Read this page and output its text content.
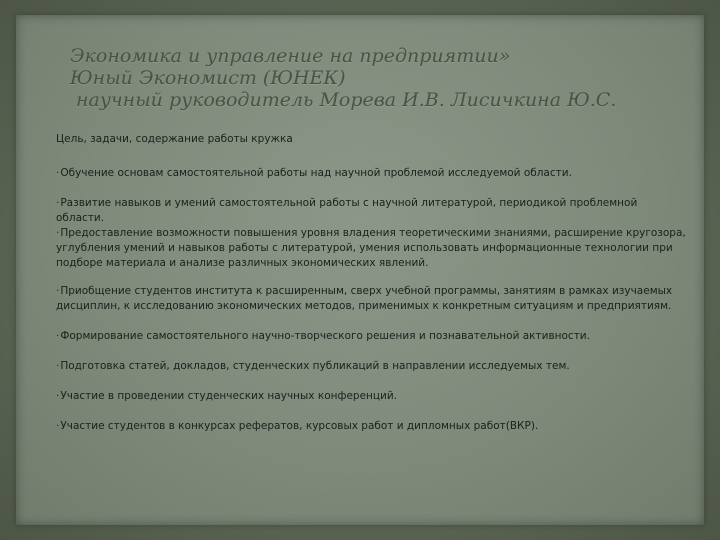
Экономика и управление на предприятии»
Юный Экономист (ЮНЕК)
научный руководитель Морева И.В. Лисичкина Ю.С.
Цель, задачи, содержание работы кружка
·Обучение основам самостоятельной работы над научной проблемой исследуемой области.
·Развитие навыков и умений самостоятельной работы с научной литературой, периодикой проблемной области.
·Предоставление возможности повышения уровня владения теоретическими знаниями, расширение кругозора, углубления умений и навыков работы с литературой, умения использовать информационные технологии при подборе материала и анализе различных экономических явлений.
·Приобщение студентов института к расширенным, сверх учебной программы, занятиям в рамках изучаемых дисциплин, к исследованию экономических методов, применимых к конкретным ситуациям и предприятиям.
·Формирование самостоятельного научно-творческого решения и познавательной активности.
·Подготовка статей, докладов, студенческих публикаций в направлении исследуемых тем.
·Участие в проведении студенческих научных конференций.
·Участие студентов в конкурсах рефератов, курсовых работ и дипломных работ(ВКР).
